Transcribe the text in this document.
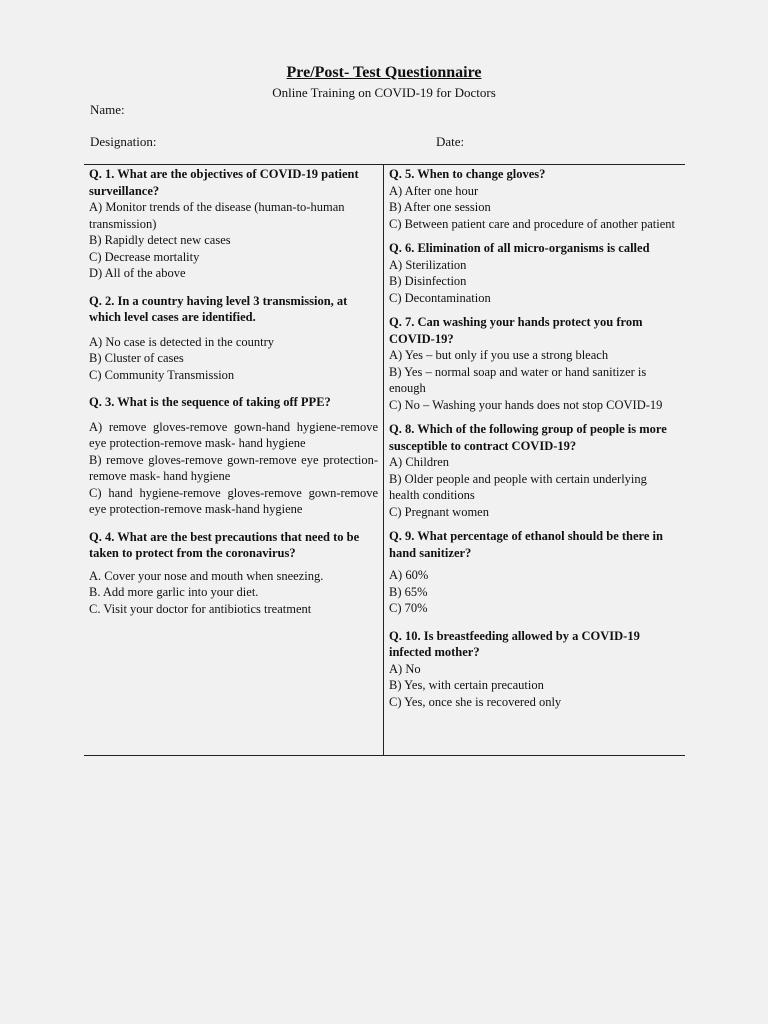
Pre/Post- Test Questionnaire
Online Training on COVID-19 for Doctors
Name:
Designation:	Date:

Q. 1. What are the objectives of COVID-19 patient surveillance?

A) Monitor trends of the disease (human-to-human transmission)

B) Rapidly detect new cases

C) Decrease mortality

D) All of the above

Q. 2. In a country having level 3 transmission, at which level cases are identified.

A) No case is detected in the country

B) Cluster of cases

C) Community Transmission

Q. 3. What is the sequence of taking off PPE?

A) remove gloves-remove gown-hand hygiene-remove eye protection-remove mask- hand hygiene

B) remove gloves-remove gown-remove eye protection-remove mask- hand hygiene

C) hand hygiene-remove gloves-remove gown-remove eye protection-remove mask-hand hygiene

Q. 4. What are the best precautions that need to be taken to protect from the coronavirus?

A. Cover your nose and mouth when sneezing.

B. Add more garlic into your diet.

C. Visit your doctor for antibiotics treatment

Q. 5. When to change gloves?

A) After one hour

B) After one session

C) Between patient care and procedure of another patient

Q. 6. Elimination of all micro-organisms is called

A) Sterilization

B) Disinfection

C) Decontamination

Q. 7. Can washing your hands protect you from COVID-19?

A) Yes – but only if you use a strong bleach

B) Yes – normal soap and water or hand sanitizer is enough

C) No – Washing your hands does not stop COVID-19

Q. 8. Which of the following group of people is more susceptible to contract COVID-19?

A) Children

B) Older people and people with certain underlying health conditions

C) Pregnant women

Q. 9. What percentage of ethanol should be there in hand sanitizer?

A) 60%

B) 65%

C) 70%

Q. 10. Is breastfeeding allowed by a COVID-19 infected mother?

A) No

B) Yes, with certain precaution

C) Yes, once she is recovered only
